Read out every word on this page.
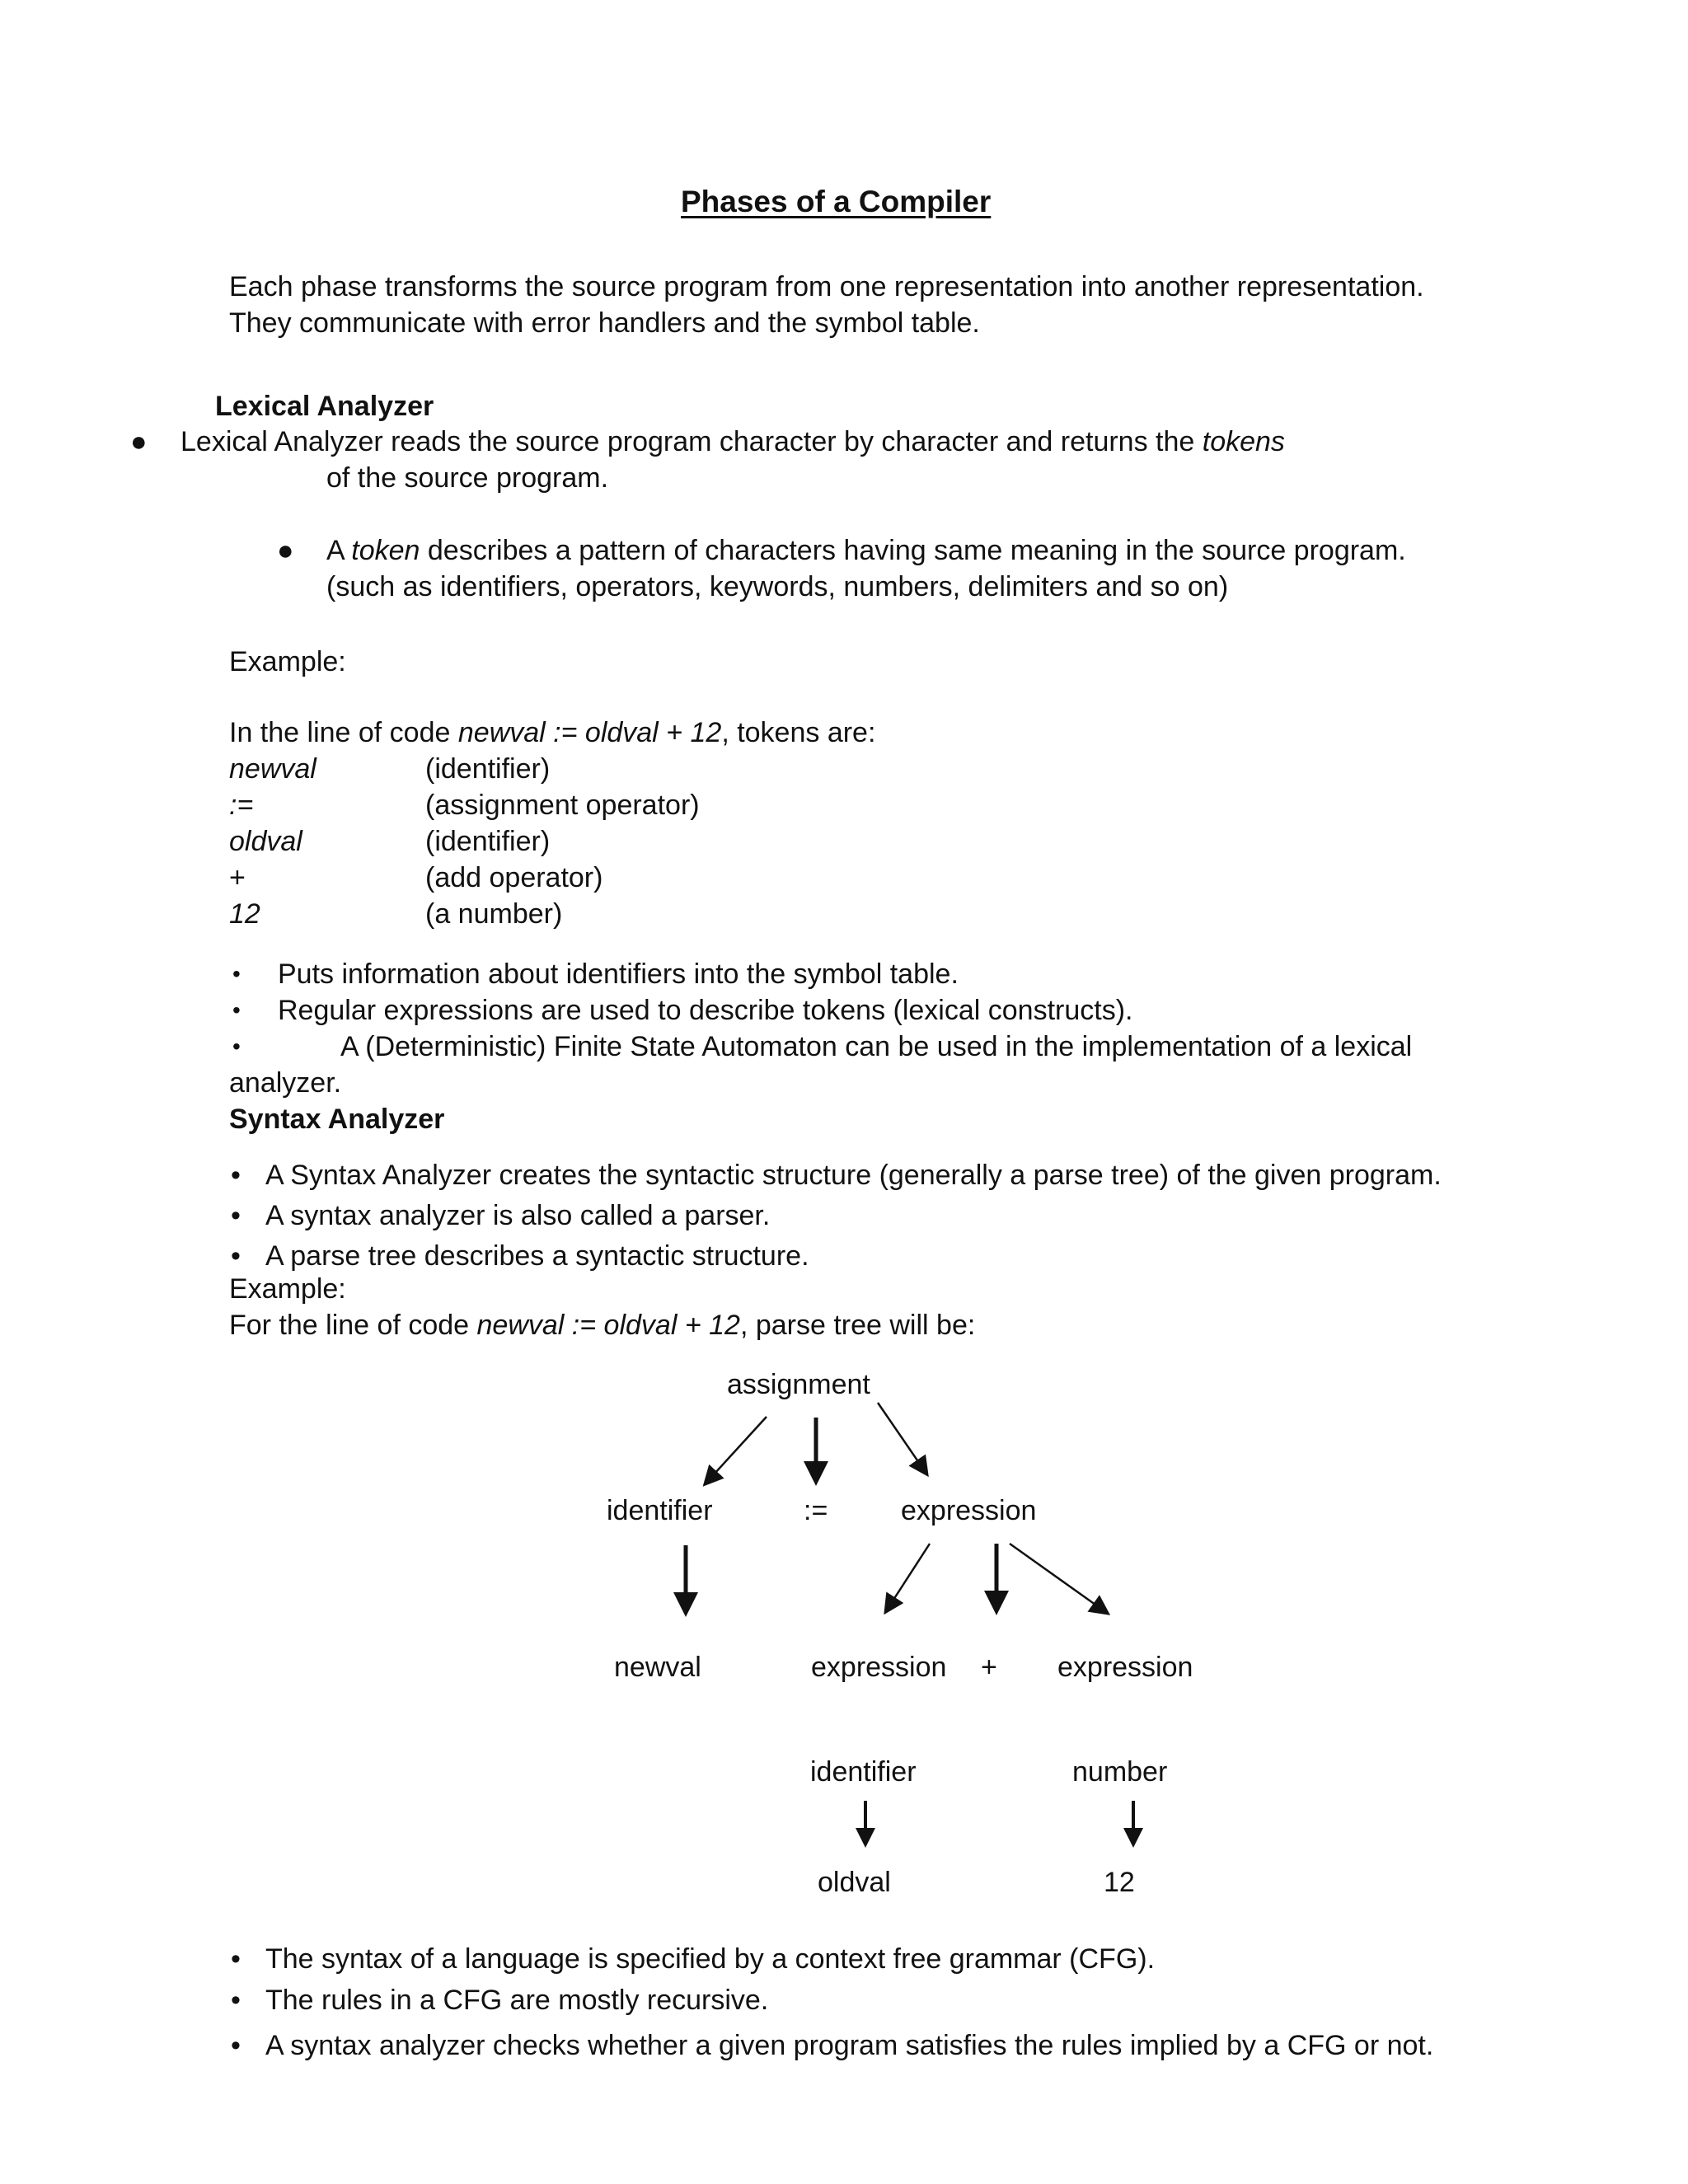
Phases of a Compiler
Each phase transforms the source program from one representation into another representation.
They communicate with error handlers and the symbol table.
Lexical Analyzer
● Lexical Analyzer reads the source program character by character and returns the tokens
of the source program.
● A token describes a pattern of characters having same meaning in the source program.
(such as identifiers, operators, keywords, numbers, delimiters and so on)
Example:
In the line of code newval := oldval + 12, tokens are:
newval	(identifier)
:=	(assignment operator)
oldval	(identifier)
+	(add operator)
12	(a number)
• Puts information about identifiers into the symbol table.
• Regular expressions are used to describe tokens (lexical constructs).
•	A (Deterministic) Finite State Automaton can be used in the implementation of a lexical
analyzer.
Syntax Analyzer
• A Syntax Analyzer creates the syntactic structure (generally a parse tree) of the given program.
• A syntax analyzer is also called a parser.
• A parse tree describes a syntactic structure.
Example:
For the line of code newval := oldval + 12, parse tree will be:
assignment
identifier	:=	expression
newval	expression + expression
identifier	number
oldval	12
• The syntax of a language is specified by a context free grammar (CFG).
• The rules in a CFG are mostly recursive.
• A syntax analyzer checks whether a given program satisfies the rules implied by a CFG or not.
